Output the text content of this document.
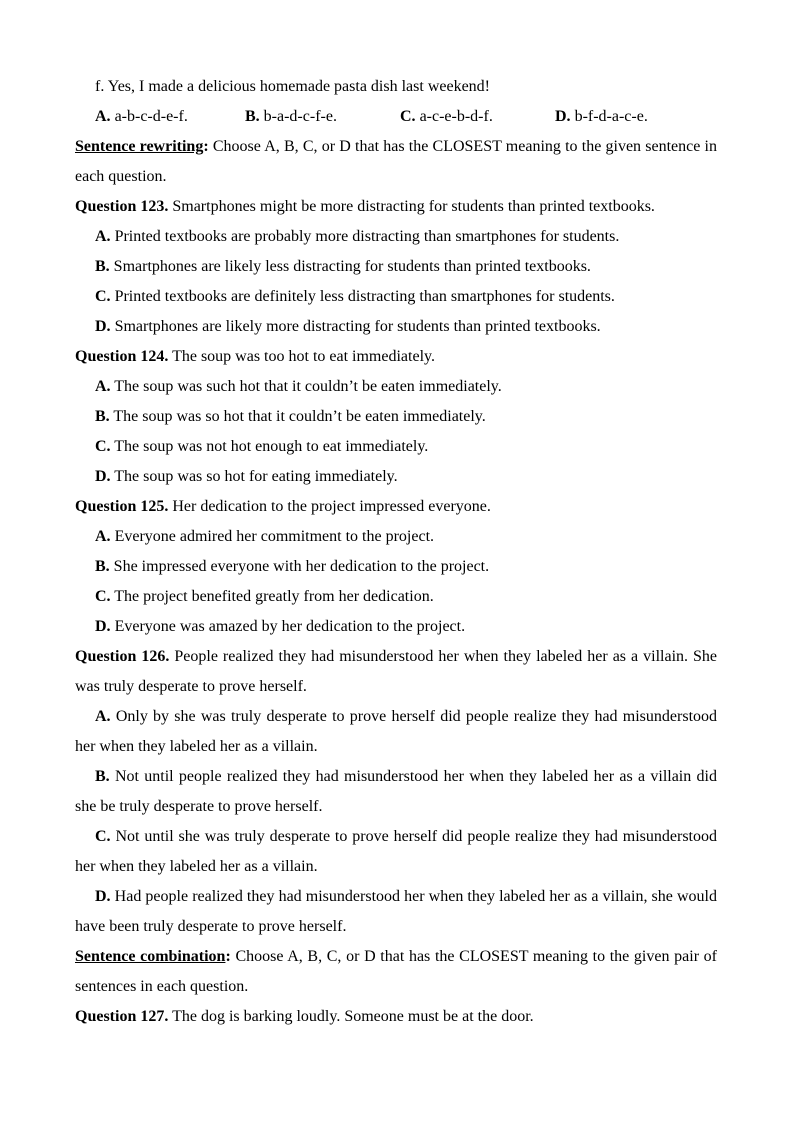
f. Yes, I made a delicious homemade pasta dish last weekend!

A. a-b-c-d-e-f.	B. b-a-d-c-f-e.	C. a-c-e-b-d-f.	D. b-f-d-a-c-e.

Sentence rewriting: Choose A, B, C, or D that has the CLOSEST meaning to the given sentence in each question.

Question 123. Smartphones might be more distracting for students than printed textbooks.

A. Printed textbooks are probably more distracting than smartphones for students.

B. Smartphones are likely less distracting for students than printed textbooks.

C. Printed textbooks are definitely less distracting than smartphones for students.

D. Smartphones are likely more distracting for students than printed textbooks.

Question 124. The soup was too hot to eat immediately.

A. The soup was such hot that it couldn’t be eaten immediately.

B. The soup was so hot that it couldn’t be eaten immediately.

C. The soup was not hot enough to eat immediately.

D. The soup was so hot for eating immediately.

Question 125. Her dedication to the project impressed everyone.

A. Everyone admired her commitment to the project.

B. She impressed everyone with her dedication to the project.

C. The project benefited greatly from her dedication.

D. Everyone was amazed by her dedication to the project.

Question 126. People realized they had misunderstood her when they labeled her as a villain. She was truly desperate to prove herself.

A. Only by she was truly desperate to prove herself did people realize they had misunderstood her when they labeled her as a villain.

B. Not until people realized they had misunderstood her when they labeled her as a villain did she be truly desperate to prove herself.

C. Not until she was truly desperate to prove herself did people realize they had misunderstood her when they labeled her as a villain.

D. Had people realized they had misunderstood her when they labeled her as a villain, she would have been truly desperate to prove herself.

Sentence combination: Choose A, B, C, or D that has the CLOSEST meaning to the given pair of sentences in each question.

Question 127. The dog is barking loudly. Someone must be at the door.
